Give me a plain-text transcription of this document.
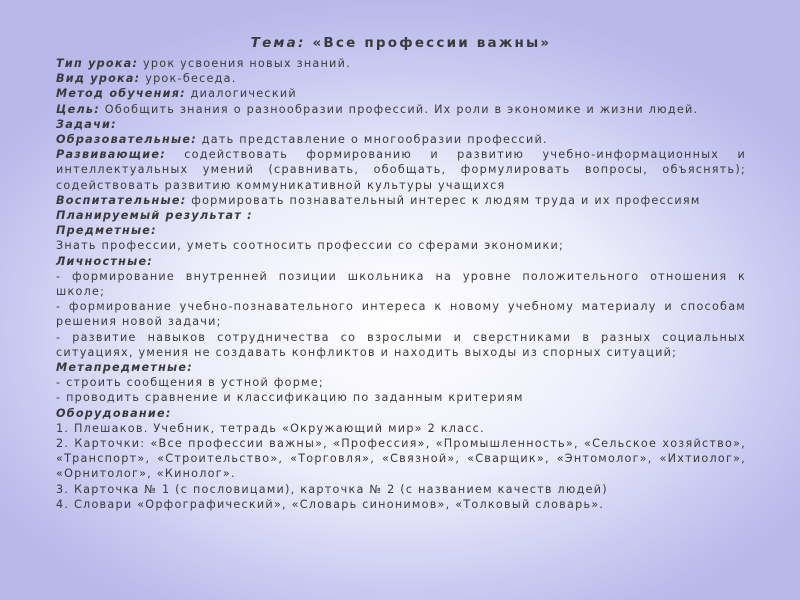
Тема: «Все профессии важны»

Тип урока: урок усвоения новых знаний.

Вид урока: урок-беседа.

Метод обучения: диалогический

Цель: Обобщить знания о разнообразии профессий. Их роли в экономике и жизни людей.

Задачи:

Образовательные: дать представление о многообразии профессий.

Развивающие: содействовать формированию и развитию учебно-информационных и интеллектуальных умений (сравнивать, обобщать, формулировать вопросы, объяснять); содействовать развитию коммуникативной культуры учащихся

Воспитательные: формировать познавательный интерес к людям труда и их профессиям

Планируемый результат :

Предметные:

Знать профессии, уметь соотносить профессии со сферами экономики;

Личностные:

- формирование внутренней позиции школьника на уровне положительного отношения к школе;

- формирование учебно-познавательного интереса к новому учебному материалу и способам решения новой задачи;

- развитие навыков сотрудничества со взрослыми и сверстниками в разных социальных ситуациях, умения не создавать конфликтов и находить выходы из спорных ситуаций;

Метапредметные:

- строить сообщения в устной форме;

- проводить сравнение и классификацию по заданным критериям

Оборудование:

1. Плешаков. Учебник, тетрадь «Окружающий мир» 2 класс.

2. Карточки: «Все профессии важны», «Профессия», «Промышленность», «Сельское хозяйство», «Транспорт», «Строительство», «Торговля», «Связной», «Сварщик», «Энтомолог», «Ихтиолог», «Орнитолог», «Кинолог».

3. Карточка № 1 (с пословицами), карточка № 2 (с названием качеств людей)

4. Словари «Орфографический», «Словарь синонимов», «Толковый словарь».
